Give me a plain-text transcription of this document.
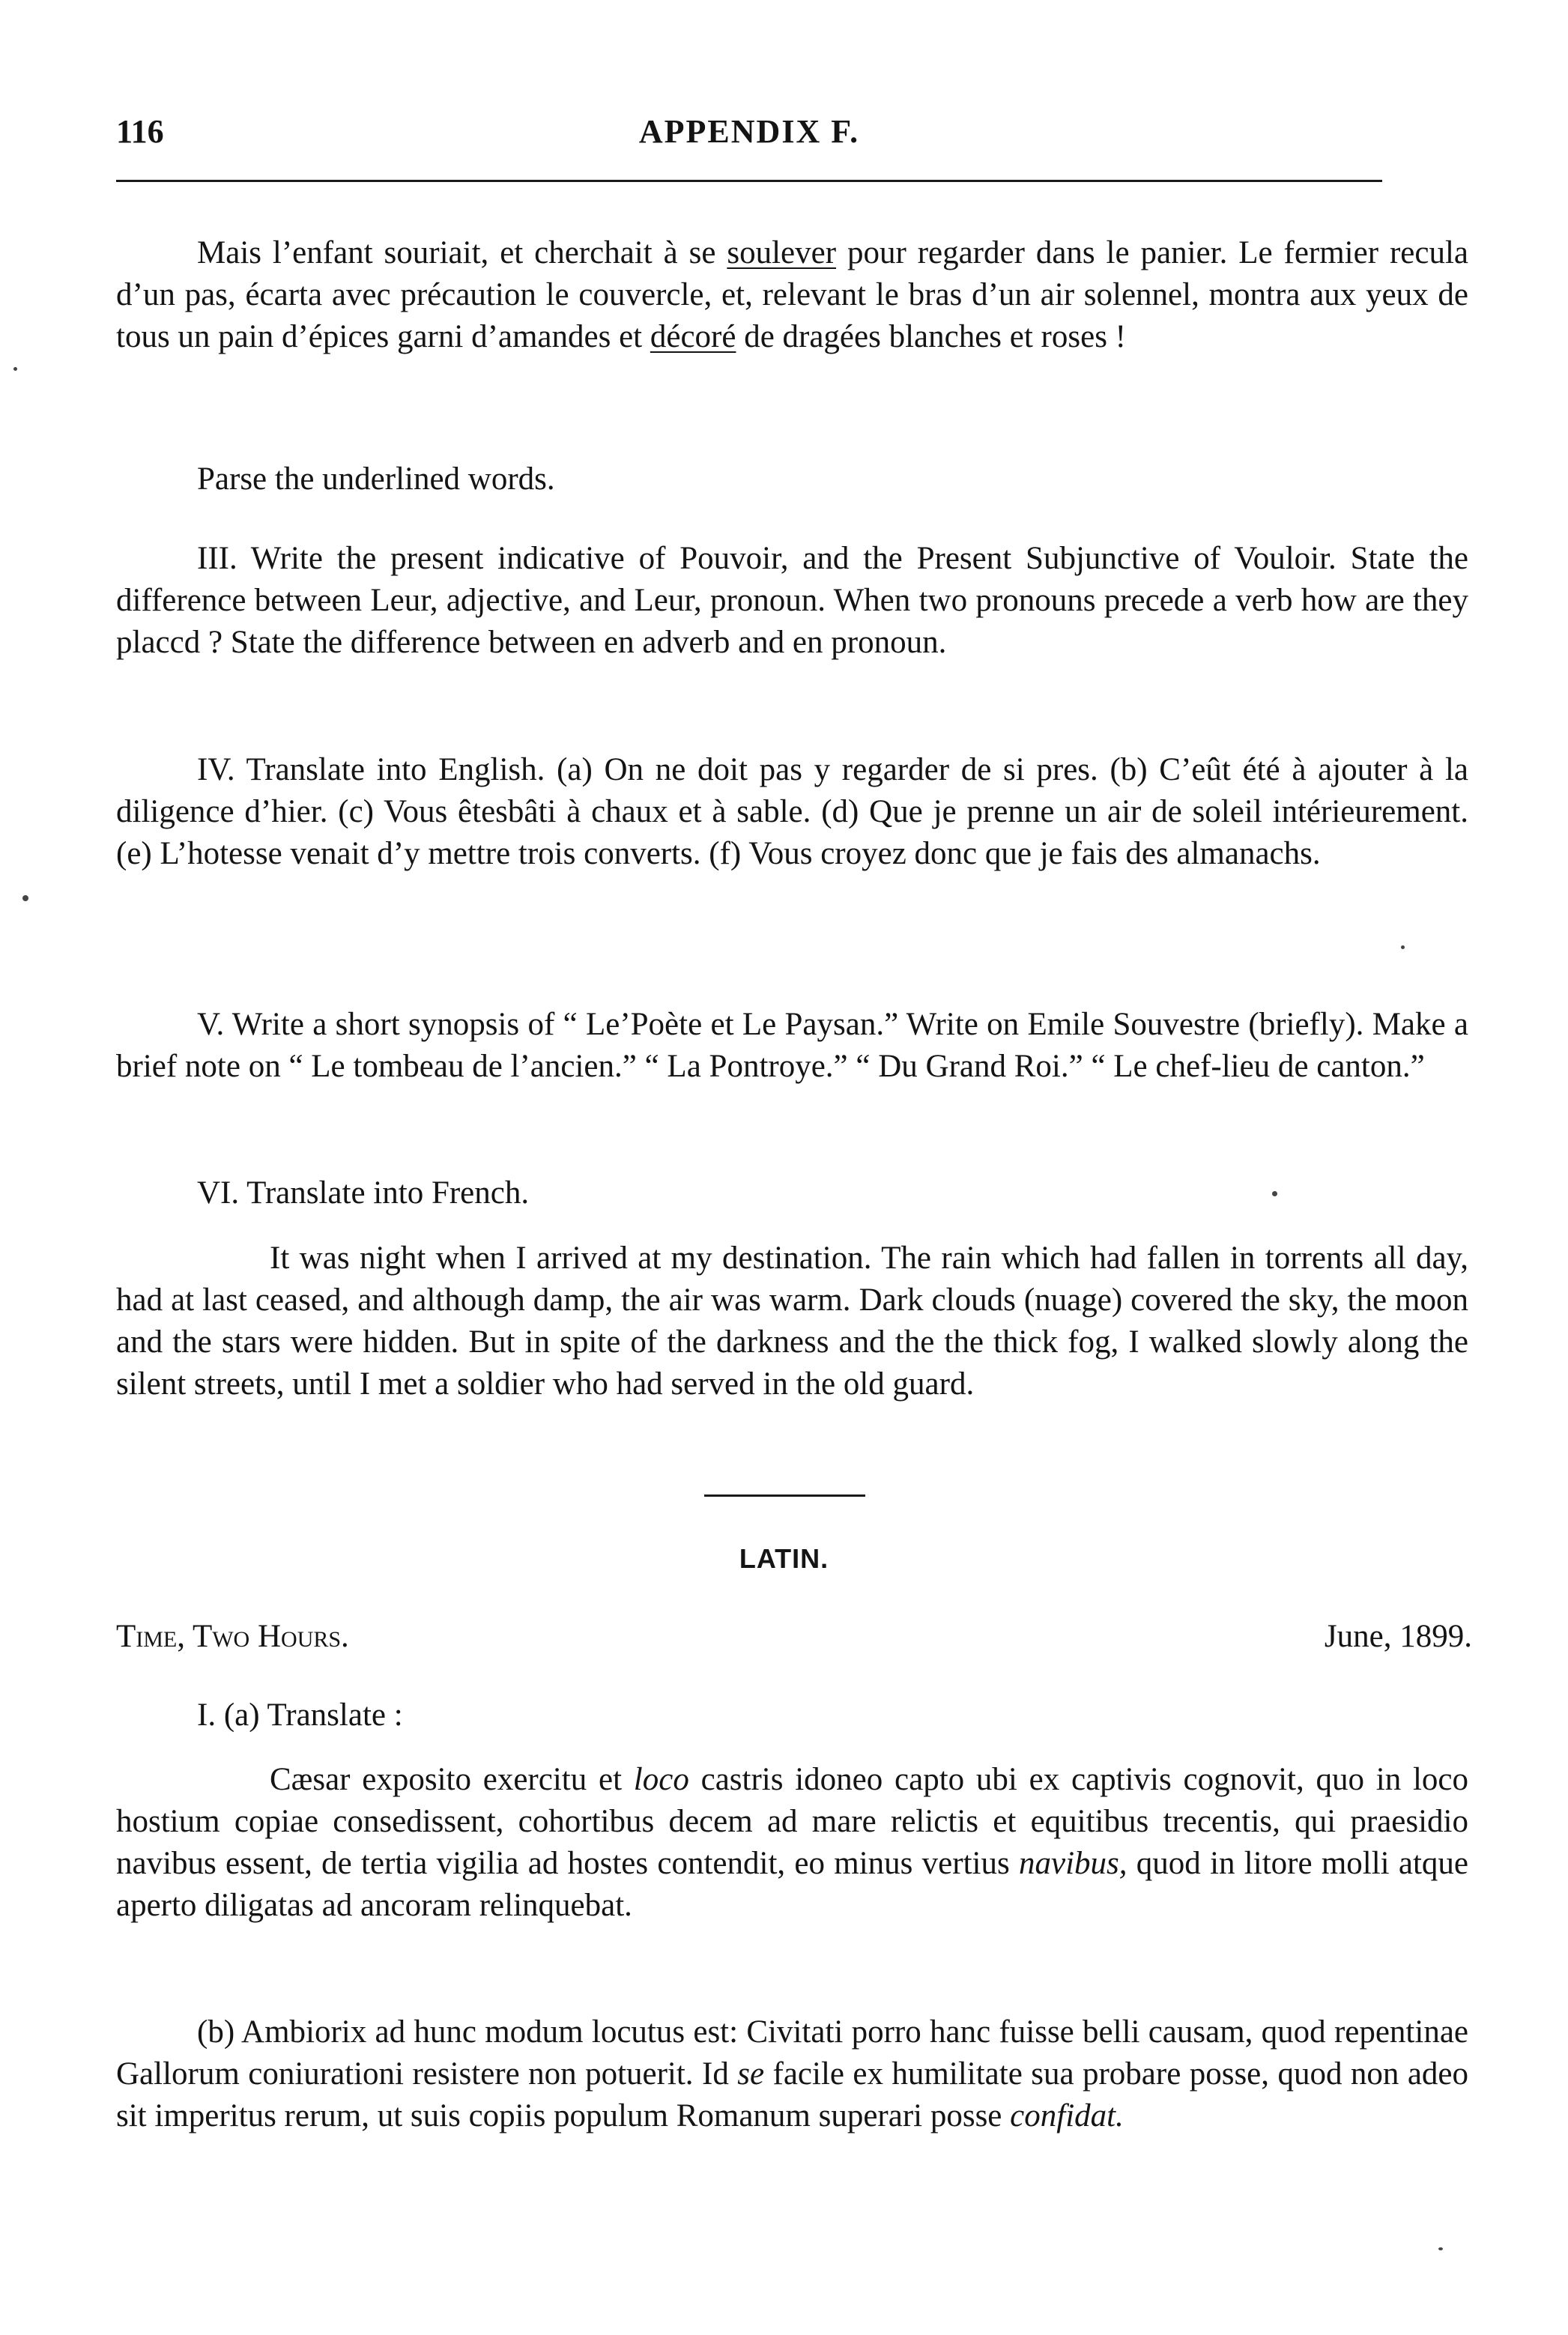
116	APPENDIX F.

Mais l’enfant souriait, et cherchait à se soulever pour regarder dans le panier. Le fermier recula d’un pas, écarta avec précaution le couvercle, et, relevant le bras d’un air solennel, montra aux yeux de tous un pain d’épices garni d’amandes et décoré de dragées blanches et roses !

Parse the underlined words.

III. Write the present indicative of Pouvoir, and the Present Subjunctive of Vouloir. State the difference between Leur, adjective, and Leur, pronoun. When two pronouns precede a verb how are they placcd ? State the difference between en adverb and en pronoun.

IV. Translate into English. (a) On ne doit pas y regarder de si pres. (b) C’eût été à ajouter à la diligence d’hier. (c) Vous êtesbâti à chaux et à sable. (d) Que je prenne un air de soleil intérieurement. (e) L’hotesse venait d’y mettre trois converts. (f) Vous croyez donc que je fais des almanachs.

V. Write a short synopsis of “ Le’Poète et Le Paysan.” Write on Emile Souvestre (briefly). Make a brief note on “ Le tombeau de l’ancien.” “ La Pontroye.” “ Du Grand Roi.” “ Le chef-lieu de canton.”

VI. Translate into French.

It was night when I arrived at my destination. The rain which had fallen in torrents all day, had at last ceased, and although damp, the air was warm. Dark clouds (nuage) covered the sky, the moon and the stars were hidden. But in spite of the darkness and the the thick fog, I walked slowly along the silent streets, until I met a soldier who had served in the old guard.

LATIN.
Time, Two Hours.	June, 1899.

I. (a) Translate :

Cæsar exposito exercitu et loco castris idoneo capto ubi ex captivis cognovit, quo in loco hostium copiae consedissent, cohortibus decem ad mare relictis et equitibus trecentis, qui praesidio navibus essent, de tertia vigilia ad hostes contendit, eo minus vertius navibus, quod in litore molli atque aperto diligatas ad ancoram relinquebat.

(b) Ambiorix ad hunc modum locutus est: Civitati porro hanc fuisse belli causam, quod repentinae Gallorum coniurationi resistere non potuerit. Id se facile ex humilitate sua probare posse, quod non adeo sit imperitus rerum, ut suis copiis populum Romanum superari posse confidat.
